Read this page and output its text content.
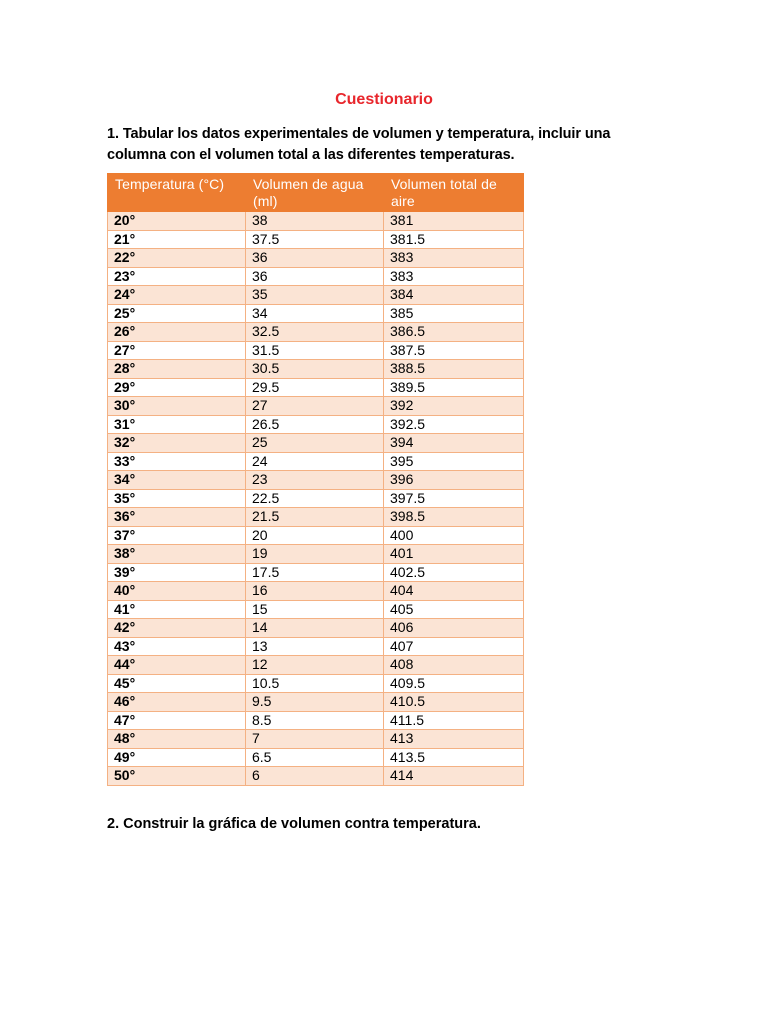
Cuestionario
1. Tabular los datos experimentales de volumen y temperatura, incluir una columna con el volumen total a las diferentes temperaturas.
Temperatura (°C)	Volumen de agua (ml)	Volumen total de aire
20°	38	381
21°	37.5	381.5
22°	36	383
23°	36	383
24°	35	384
25°	34	385
26°	32.5	386.5
27°	31.5	387.5
28°	30.5	388.5
29°	29.5	389.5
30°	27	392
31°	26.5	392.5
32°	25	394
33°	24	395
34°	23	396
35°	22.5	397.5
36°	21.5	398.5
37°	20	400
38°	19	401
39°	17.5	402.5
40°	16	404
41°	15	405
42°	14	406
43°	13	407
44°	12	408
45°	10.5	409.5
46°	9.5	410.5
47°	8.5	411.5
48°	7	413
49°	6.5	413.5
50°	6	414
2. Construir la gráfica de volumen contra temperatura.
